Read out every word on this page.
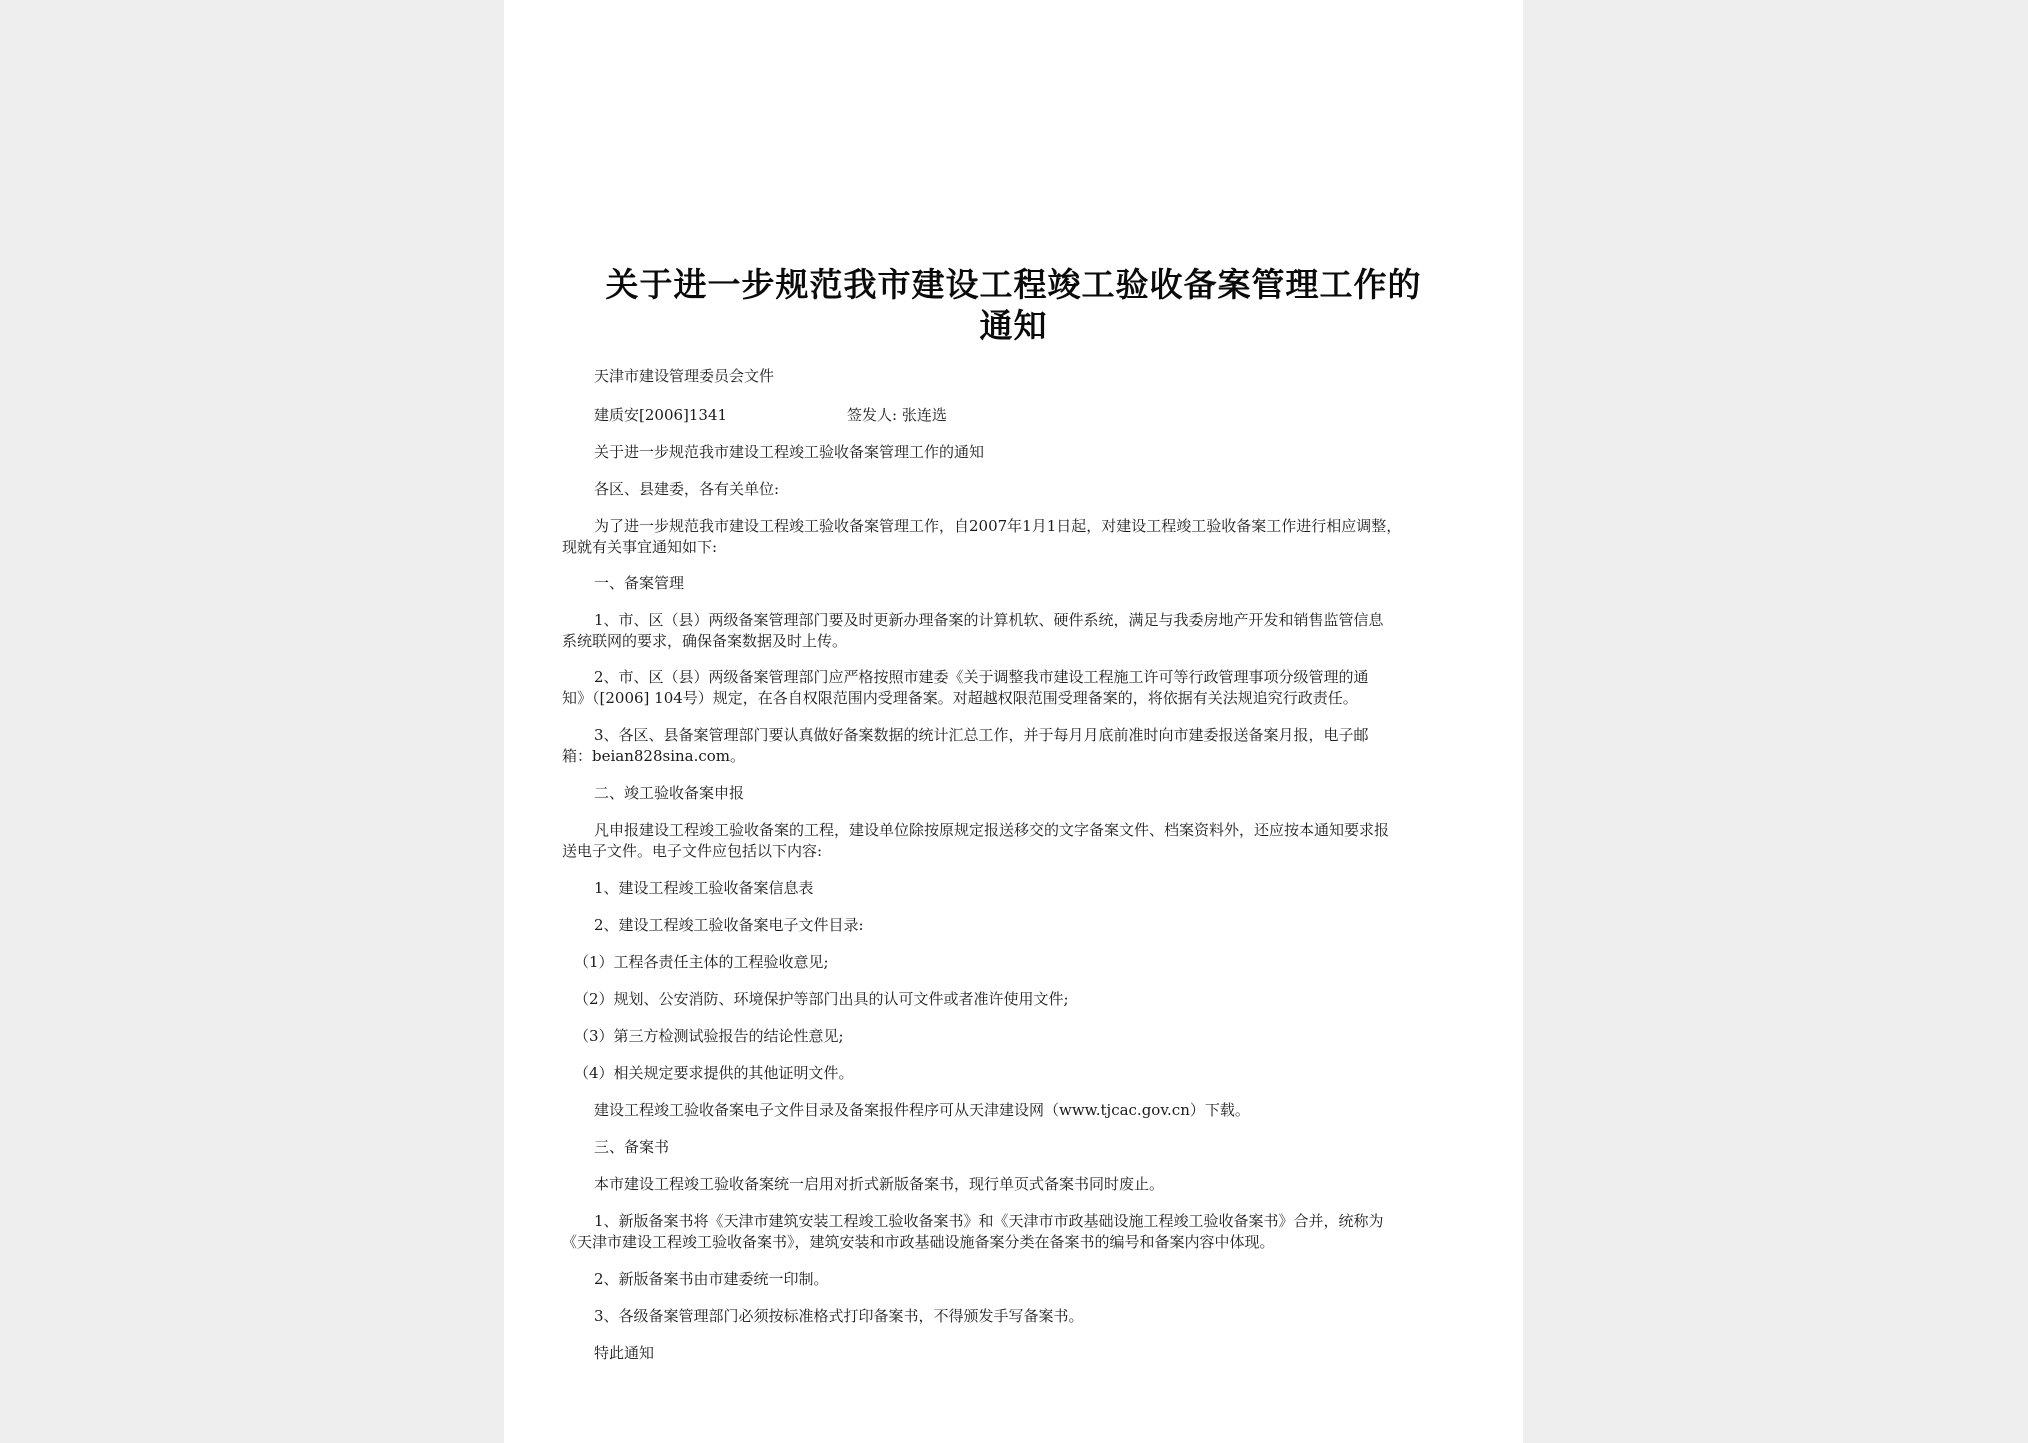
关于进一步规范我市建设工程竣工验收备案管理工作的
通知
天津市建设管理委员会文件
建质安[2006]1341	签发人: 张连选
关于进一步规范我市建设工程竣工验收备案管理工作的通知
各区、县建委，各有关单位:
为了进一步规范我市建设工程竣工验收备案管理工作，自2007年1月1日起，对建设工程竣工验收备案工作进行相应调整，
现就有关事宜通知如下:
一、备案管理
1、市、区（县）两级备案管理部门要及时更新办理备案的计算机软、硬件系统，满足与我委房地产开发和销售监管信息
系统联网的要求，确保备案数据及时上传。
2、市、区（县）两级备案管理部门应严格按照市建委《关于调整我市建设工程施工许可等行政管理事项分级管理的通
知》（[2006] 104号）规定，在各自权限范围内受理备案。对超越权限范围受理备案的，将依据有关法规追究行政责任。
3、各区、县备案管理部门要认真做好备案数据的统计汇总工作，并于每月月底前准时向市建委报送备案月报，电子邮
箱：beian828sina.com。
二、竣工验收备案申报
凡申报建设工程竣工验收备案的工程，建设单位除按原规定报送移交的文字备案文件、档案资料外，还应按本通知要求报
送电子文件。电子文件应包括以下内容:
1、建设工程竣工验收备案信息表
2、建设工程竣工验收备案电子文件目录:
（1）工程各责任主体的工程验收意见;
（2）规划、公安消防、环境保护等部门出具的认可文件或者准许使用文件;
（3）第三方检测试验报告的结论性意见;
（4）相关规定要求提供的其他证明文件。
建设工程竣工验收备案电子文件目录及备案报件程序可从天津建设网（www.tjcac.gov.cn）下载。
三、备案书
本市建设工程竣工验收备案统一启用对折式新版备案书，现行单页式备案书同时废止。
1、新版备案书将《天津市建筑安装工程竣工验收备案书》和《天津市市政基础设施工程竣工验收备案书》合并，统称为
《天津市建设工程竣工验收备案书》，建筑安装和市政基础设施备案分类在备案书的编号和备案内容中体现。
2、新版备案书由市建委统一印制。
3、各级备案管理部门必须按标准格式打印备案书，不得颁发手写备案书。
特此通知
